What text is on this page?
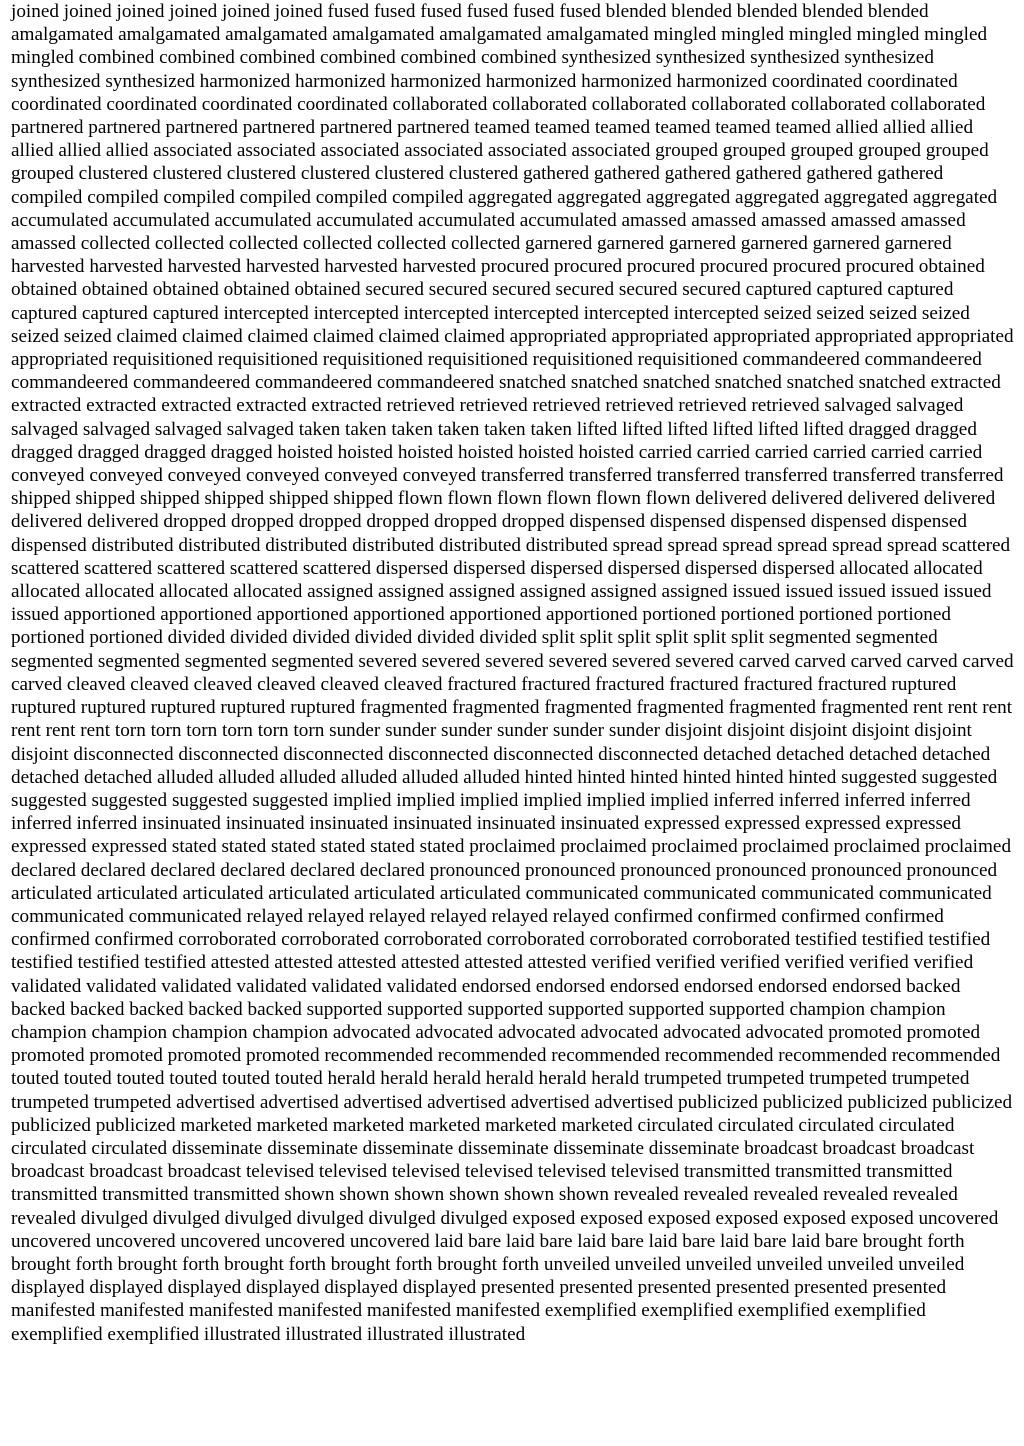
joined joined joined joined joined joined fused fused fused fused fused fused blended blended blended blended blended amalgamated amalgamated amalgamated amalgamated amalgamated amalgamated mingled mingled mingled mingled mingled mingled combined combined combined combined combined combined synthesized synthesized synthesized synthesized synthesized synthesized harmonized harmonized harmonized harmonized harmonized harmonized coordinated coordinated coordinated coordinated coordinated coordinated collaborated collaborated collaborated collaborated collaborated collaborated partnered partnered partnered partnered partnered partnered teamed teamed teamed teamed teamed teamed allied allied allied allied allied allied associated associated associated associated associated associated grouped grouped grouped grouped grouped grouped clustered clustered clustered clustered clustered clustered gathered gathered gathered gathered gathered gathered compiled compiled compiled compiled compiled compiled aggregated aggregated aggregated aggregated aggregated aggregated accumulated accumulated accumulated accumulated accumulated accumulated amassed amassed amassed amassed amassed amassed collected collected collected collected collected collected garnered garnered garnered garnered garnered garnered harvested harvested harvested harvested harvested harvested procured procured procured procured procured procured obtained obtained obtained obtained obtained obtained secured secured secured secured secured secured captured captured captured captured captured captured intercepted intercepted intercepted intercepted intercepted intercepted seized seized seized seized seized seized claimed claimed claimed claimed claimed claimed appropriated appropriated appropriated appropriated appropriated appropriated requisitioned requisitioned requisitioned requisitioned requisitioned requisitioned commandeered commandeered commandeered commandeered commandeered commandeered snatched snatched snatched snatched snatched snatched extracted extracted extracted extracted extracted extracted retrieved retrieved retrieved retrieved retrieved retrieved salvaged salvaged salvaged salvaged salvaged salvaged taken taken taken taken taken taken lifted lifted lifted lifted lifted lifted dragged dragged dragged dragged dragged dragged hoisted hoisted hoisted hoisted hoisted hoisted carried carried carried carried carried carried conveyed conveyed conveyed conveyed conveyed conveyed transferred transferred transferred transferred transferred transferred shipped shipped shipped shipped shipped shipped flown flown flown flown flown flown delivered delivered delivered delivered delivered delivered dropped dropped dropped dropped dropped dropped dispensed dispensed dispensed dispensed dispensed dispensed distributed distributed distributed distributed distributed distributed spread spread spread spread spread spread scattered scattered scattered scattered scattered scattered dispersed dispersed dispersed dispersed dispersed dispersed allocated allocated allocated allocated allocated allocated assigned assigned assigned assigned assigned assigned issued issued issued issued issued issued apportioned apportioned apportioned apportioned apportioned apportioned portioned portioned portioned portioned portioned portioned divided divided divided divided divided divided split split split split split split segmented segmented segmented segmented segmented segmented severed severed severed severed severed severed carved carved carved carved carved carved cleaved cleaved cleaved cleaved cleaved cleaved fractured fractured fractured fractured fractured fractured ruptured ruptured ruptured ruptured ruptured ruptured fragmented fragmented fragmented fragmented fragmented fragmented rent rent rent rent rent rent torn torn torn torn torn torn sunder sunder sunder sunder sunder sunder disjoint disjoint disjoint disjoint disjoint disjoint disconnected disconnected disconnected disconnected disconnected disconnected detached detached detached detached detached detached alluded alluded alluded alluded alluded alluded hinted hinted hinted hinted hinted hinted suggested suggested suggested suggested suggested suggested implied implied implied implied implied implied inferred inferred inferred inferred inferred inferred insinuated insinuated insinuated insinuated insinuated insinuated expressed expressed expressed expressed expressed expressed stated stated stated stated stated stated proclaimed proclaimed proclaimed proclaimed proclaimed proclaimed declared declared declared declared declared declared pronounced pronounced pronounced pronounced pronounced pronounced articulated articulated articulated articulated articulated articulated communicated communicated communicated communicated communicated communicated relayed relayed relayed relayed relayed relayed confirmed confirmed confirmed confirmed confirmed confirmed corroborated corroborated corroborated corroborated corroborated corroborated testified testified testified testified testified testified attested attested attested attested attested attested verified verified verified verified verified verified validated validated validated validated validated validated endorsed endorsed endorsed endorsed endorsed endorsed backed backed backed backed backed backed supported supported supported supported supported supported champion champion champion champion champion champion advocated advocated advocated advocated advocated advocated promoted promoted promoted promoted promoted promoted recommended recommended recommended recommended recommended recommended touted touted touted touted touted touted herald herald herald herald herald herald trumpeted trumpeted trumpeted trumpeted trumpeted trumpeted advertised advertised advertised advertised advertised advertised publicized publicized publicized publicized publicized publicized marketed marketed marketed marketed marketed marketed circulated circulated circulated circulated circulated circulated disseminate disseminate disseminate disseminate disseminate disseminate broadcast broadcast broadcast broadcast broadcast broadcast televised televised televised televised televised televised transmitted transmitted transmitted transmitted transmitted transmitted shown shown shown shown shown shown revealed revealed revealed revealed revealed revealed divulged divulged divulged divulged divulged divulged exposed exposed exposed exposed exposed exposed uncovered uncovered uncovered uncovered uncovered uncovered laid bare laid bare laid bare laid bare laid bare laid bare brought forth brought forth brought forth brought forth brought forth brought forth unveiled unveiled unveiled unveiled unveiled unveiled displayed displayed displayed displayed displayed displayed presented presented presented presented presented presented manifested manifested manifested manifested manifested manifested exemplified exemplified exemplified exemplified exemplified exemplified illustrated illustrated illustrated illustrated
